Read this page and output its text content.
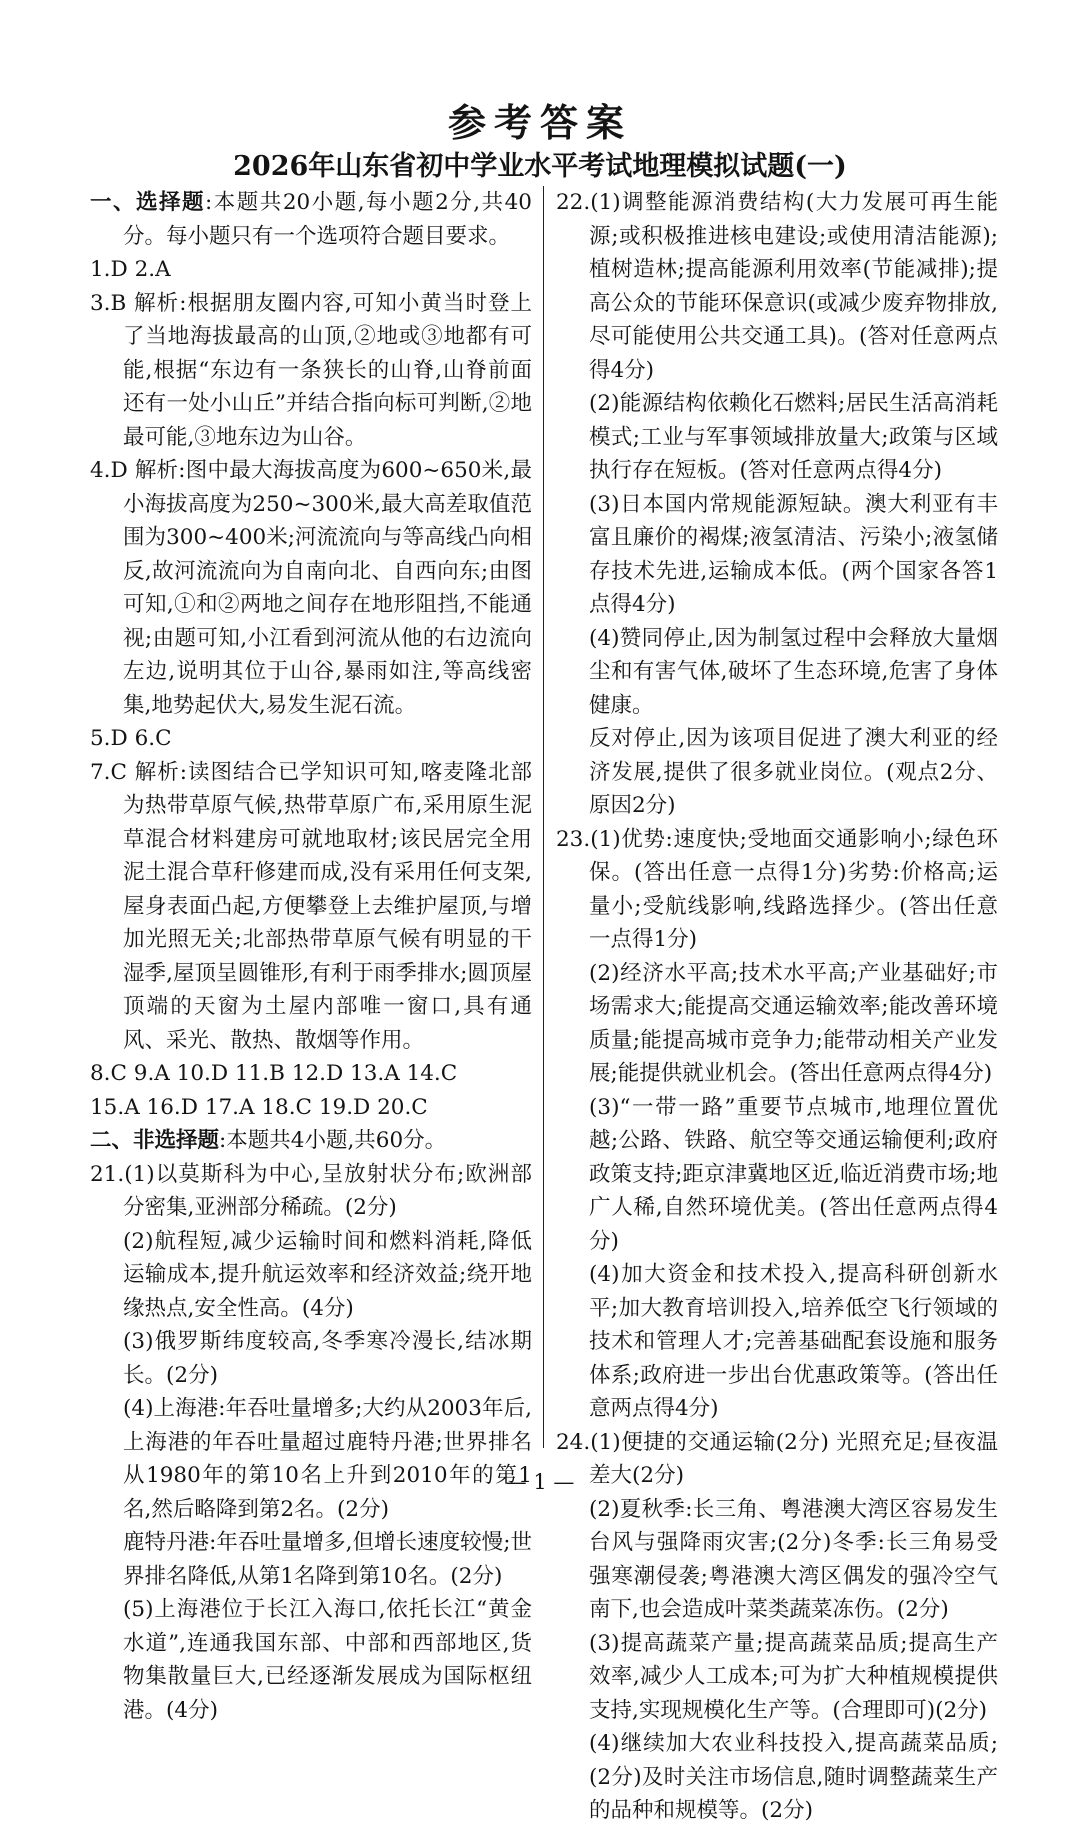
参考答案
2026年山东省初中学业水平考试地理模拟试题(一)

一、选择题:本题共20小题,每小题2分,共40分。每小题只有一个选项符合题目要求。

1.D 2.A

3.B 解析:根据朋友圈内容,可知小黄当时登上了当地海拔最高的山顶,②地或③地都有可能,根据“东边有一条狭长的山脊,山脊前面还有一处小山丘”并结合指向标可判断,②地最可能,③地东边为山谷。

4.D 解析:图中最大海拔高度为600~650米,最小海拔高度为250~300米,最大高差取值范围为300~400米;河流流向与等高线凸向相反,故河流流向为自南向北、自西向东;由图可知,①和②两地之间存在地形阻挡,不能通视;由题可知,小江看到河流从他的右边流向左边,说明其位于山谷,暴雨如注,等高线密集,地势起伏大,易发生泥石流。

5.D 6.C

7.C 解析:读图结合已学知识可知,喀麦隆北部为热带草原气候,热带草原广布,采用原生泥草混合材料建房可就地取材;该民居完全用泥土混合草秆修建而成,没有采用任何支架,屋身表面凸起,方便攀登上去维护屋顶,与增加光照无关;北部热带草原气候有明显的干湿季,屋顶呈圆锥形,有利于雨季排水;圆顶屋顶端的天窗为土屋内部唯一窗口,具有通风、采光、散热、散烟等作用。

8.C 9.A 10.D 11.B 12.D 13.A 14.C

15.A 16.D 17.A 18.C 19.D 20.C

二、非选择题:本题共4小题,共60分。

21.(1)以莫斯科为中心,呈放射状分布;欧洲部分密集,亚洲部分稀疏。(2分)

(2)航程短,减少运输时间和燃料消耗,降低运输成本,提升航运效率和经济效益;绕开地缘热点,安全性高。(4分)

(3)俄罗斯纬度较高,冬季寒冷漫长,结冰期长。(2分)

(4)上海港:年吞吐量增多;大约从2003年后,上海港的年吞吐量超过鹿特丹港;世界排名从1980年的第10名上升到2010年的第1名,然后略降到第2名。(2分)

鹿特丹港:年吞吐量增多,但增长速度较慢;世界排名降低,从第1名降到第10名。(2分)

(5)上海港位于长江入海口,依托长江“黄金水道”,连通我国东部、中部和西部地区,货物集散量巨大,已经逐渐发展成为国际枢纽港。(4分)

22.(1)调整能源消费结构(大力发展可再生能源;或积极推进核电建设;或使用清洁能源);植树造林;提高能源利用效率(节能减排);提高公众的节能环保意识(或减少废弃物排放,尽可能使用公共交通工具)。(答对任意两点得4分)

(2)能源结构依赖化石燃料;居民生活高消耗模式;工业与军事领域排放量大;政策与区域执行存在短板。(答对任意两点得4分)

(3)日本国内常规能源短缺。澳大利亚有丰富且廉价的褐煤;液氢清洁、污染小;液氢储存技术先进,运输成本低。(两个国家各答1点得4分)

(4)赞同停止,因为制氢过程中会释放大量烟尘和有害气体,破坏了生态环境,危害了身体健康。

反对停止,因为该项目促进了澳大利亚的经济发展,提供了很多就业岗位。(观点2分、原因2分)

23.(1)优势:速度快;受地面交通影响小;绿色环保。(答出任意一点得1分)劣势:价格高;运量小;受航线影响,线路选择少。(答出任意一点得1分)

(2)经济水平高;技术水平高;产业基础好;市场需求大;能提高交通运输效率;能改善环境质量;能提高城市竞争力;能带动相关产业发展;能提供就业机会。(答出任意两点得4分)

(3)“一带一路”重要节点城市,地理位置优越;公路、铁路、航空等交通运输便利;政府政策支持;距京津冀地区近,临近消费市场;地广人稀,自然环境优美。(答出任意两点得4分)

(4)加大资金和技术投入,提高科研创新水平;加大教育培训投入,培养低空飞行领域的技术和管理人才;完善基础配套设施和服务体系;政府进一步出台优惠政策等。(答出任意两点得4分)

24.(1)便捷的交通运输(2分) 光照充足;昼夜温差大(2分)

(2)夏秋季:长三角、粤港澳大湾区容易发生台风与强降雨灾害;(2分)冬季:长三角易受强寒潮侵袭;粤港澳大湾区偶发的强冷空气南下,也会造成叶菜类蔬菜冻伤。(2分)

(3)提高蔬菜产量;提高蔬菜品质;提高生产效率,减少人工成本;可为扩大种植规模提供支持,实现规模化生产等。(合理即可)(2分)

(4)继续加大农业科技投入,提高蔬菜品质;(2分)及时关注市场信息,随时调整蔬菜生产的品种和规模等。(2分)

— 1 —
